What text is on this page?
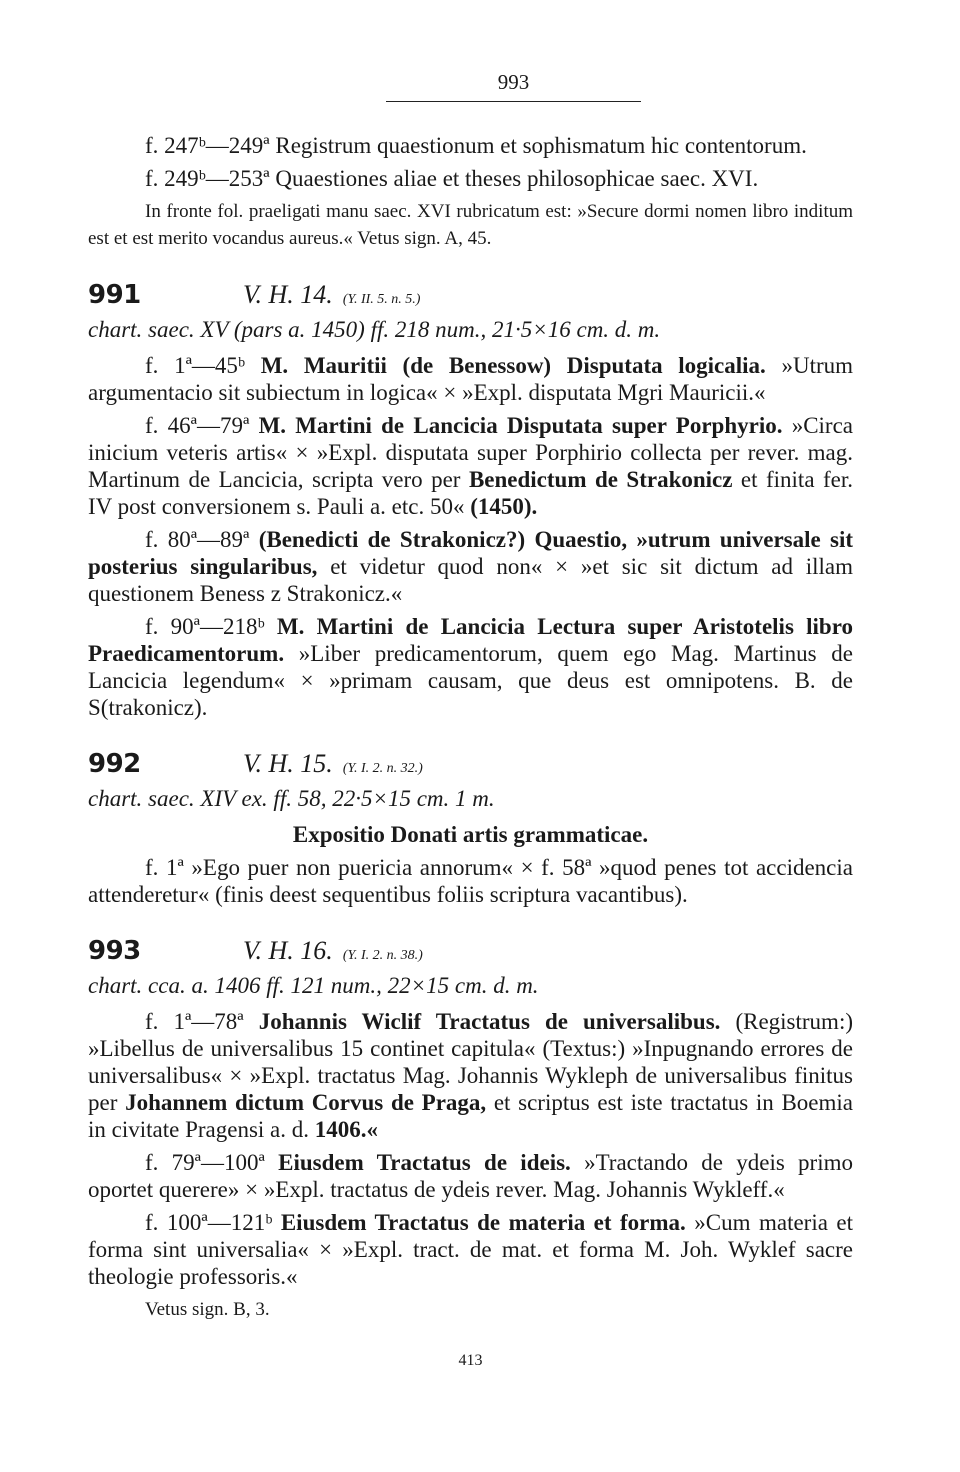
993

f. 247ᵇ—249ª Registrum quaestionum et sophismatum hic contentorum.

f. 249ᵇ—253ª Quaestiones aliae et theses philosophicae saec. XVI.

In fronte fol. praeligati manu saec. XVI rubricatum est: »Secure dormi nomen libro inditum est et est merito vocandus aureus.« Vetus sign. A, 45.

991	V. H. 14. (Y. II. 5. n. 5.)
chart. saec. XV (pars a. 1450) ff. 218 num., 21·5×16 cm. d. m.

f. 1ª—45ᵇ M. Mauritii (de Benessow) Disputata logicalia. »Utrum argumentacio sit subiectum in logica« × »Expl. disputata Mgri Mauricii.«

f. 46ª—79ª M. Martini de Lancicia Disputata super Porphyrio. »Circa inicium veteris artis« × »Expl. disputata super Porphirio collecta per rever. mag. Martinum de Lancicia, scripta vero per Benedictum de Strakonicz et finita fer. IV post conversionem s. Pauli a. etc. 50« (1450).

f. 80ª—89ª (Benedicti de Strakonicz?) Quaestio, »utrum universale sit posterius singularibus, et videtur quod non« × »et sic sit dictum ad illam questionem Beness z Strakonicz.«

f. 90ª—218ᵇ M. Martini de Lancicia Lectura super Aristotelis libro Praedicamentorum. »Liber predicamentorum, quem ego Mag. Martinus de Lancicia legendum« × »primam causam, que deus est omnipotens. B. de S(trakonicz).

992	V. H. 15. (Y. I. 2. n. 32.)
chart. saec. XIV ex. ff. 58, 22·5×15 cm. 1 m.

Expositio Donati artis grammaticae.

f. 1ª »Ego puer non puericia annorum« × f. 58ª »quod penes tot accidencia attenderetur« (finis deest sequentibus foliis scriptura vacantibus).

993	V. H. 16. (Y. I. 2. n. 38.)
chart. cca. a. 1406 ff. 121 num., 22×15 cm. d. m.

f. 1ª—78ª Johannis Wiclif Tractatus de universalibus. (Registrum:) »Libellus de universalibus 15 continet capitula« (Textus:) »Inpugnando errores de universalibus« × »Expl. tractatus Mag. Johannis Wykleph de universalibus finitus per Johannem dictum Corvus de Praga, et scriptus est iste tractatus in Boemia in civitate Pragensi a. d. 1406.«

f. 79ª—100ª Eiusdem Tractatus de ideis. »Tractando de ydeis primo oportet querere» × »Expl. tractatus de ydeis rever. Mag. Johannis Wykleff.«

f. 100ª—121ᵇ Eiusdem Tractatus de materia et forma. »Cum materia et forma sint universalia« × »Expl. tract. de mat. et forma M. Joh. Wyklef sacre theologie professoris.«

Vetus sign. B, 3.

413
